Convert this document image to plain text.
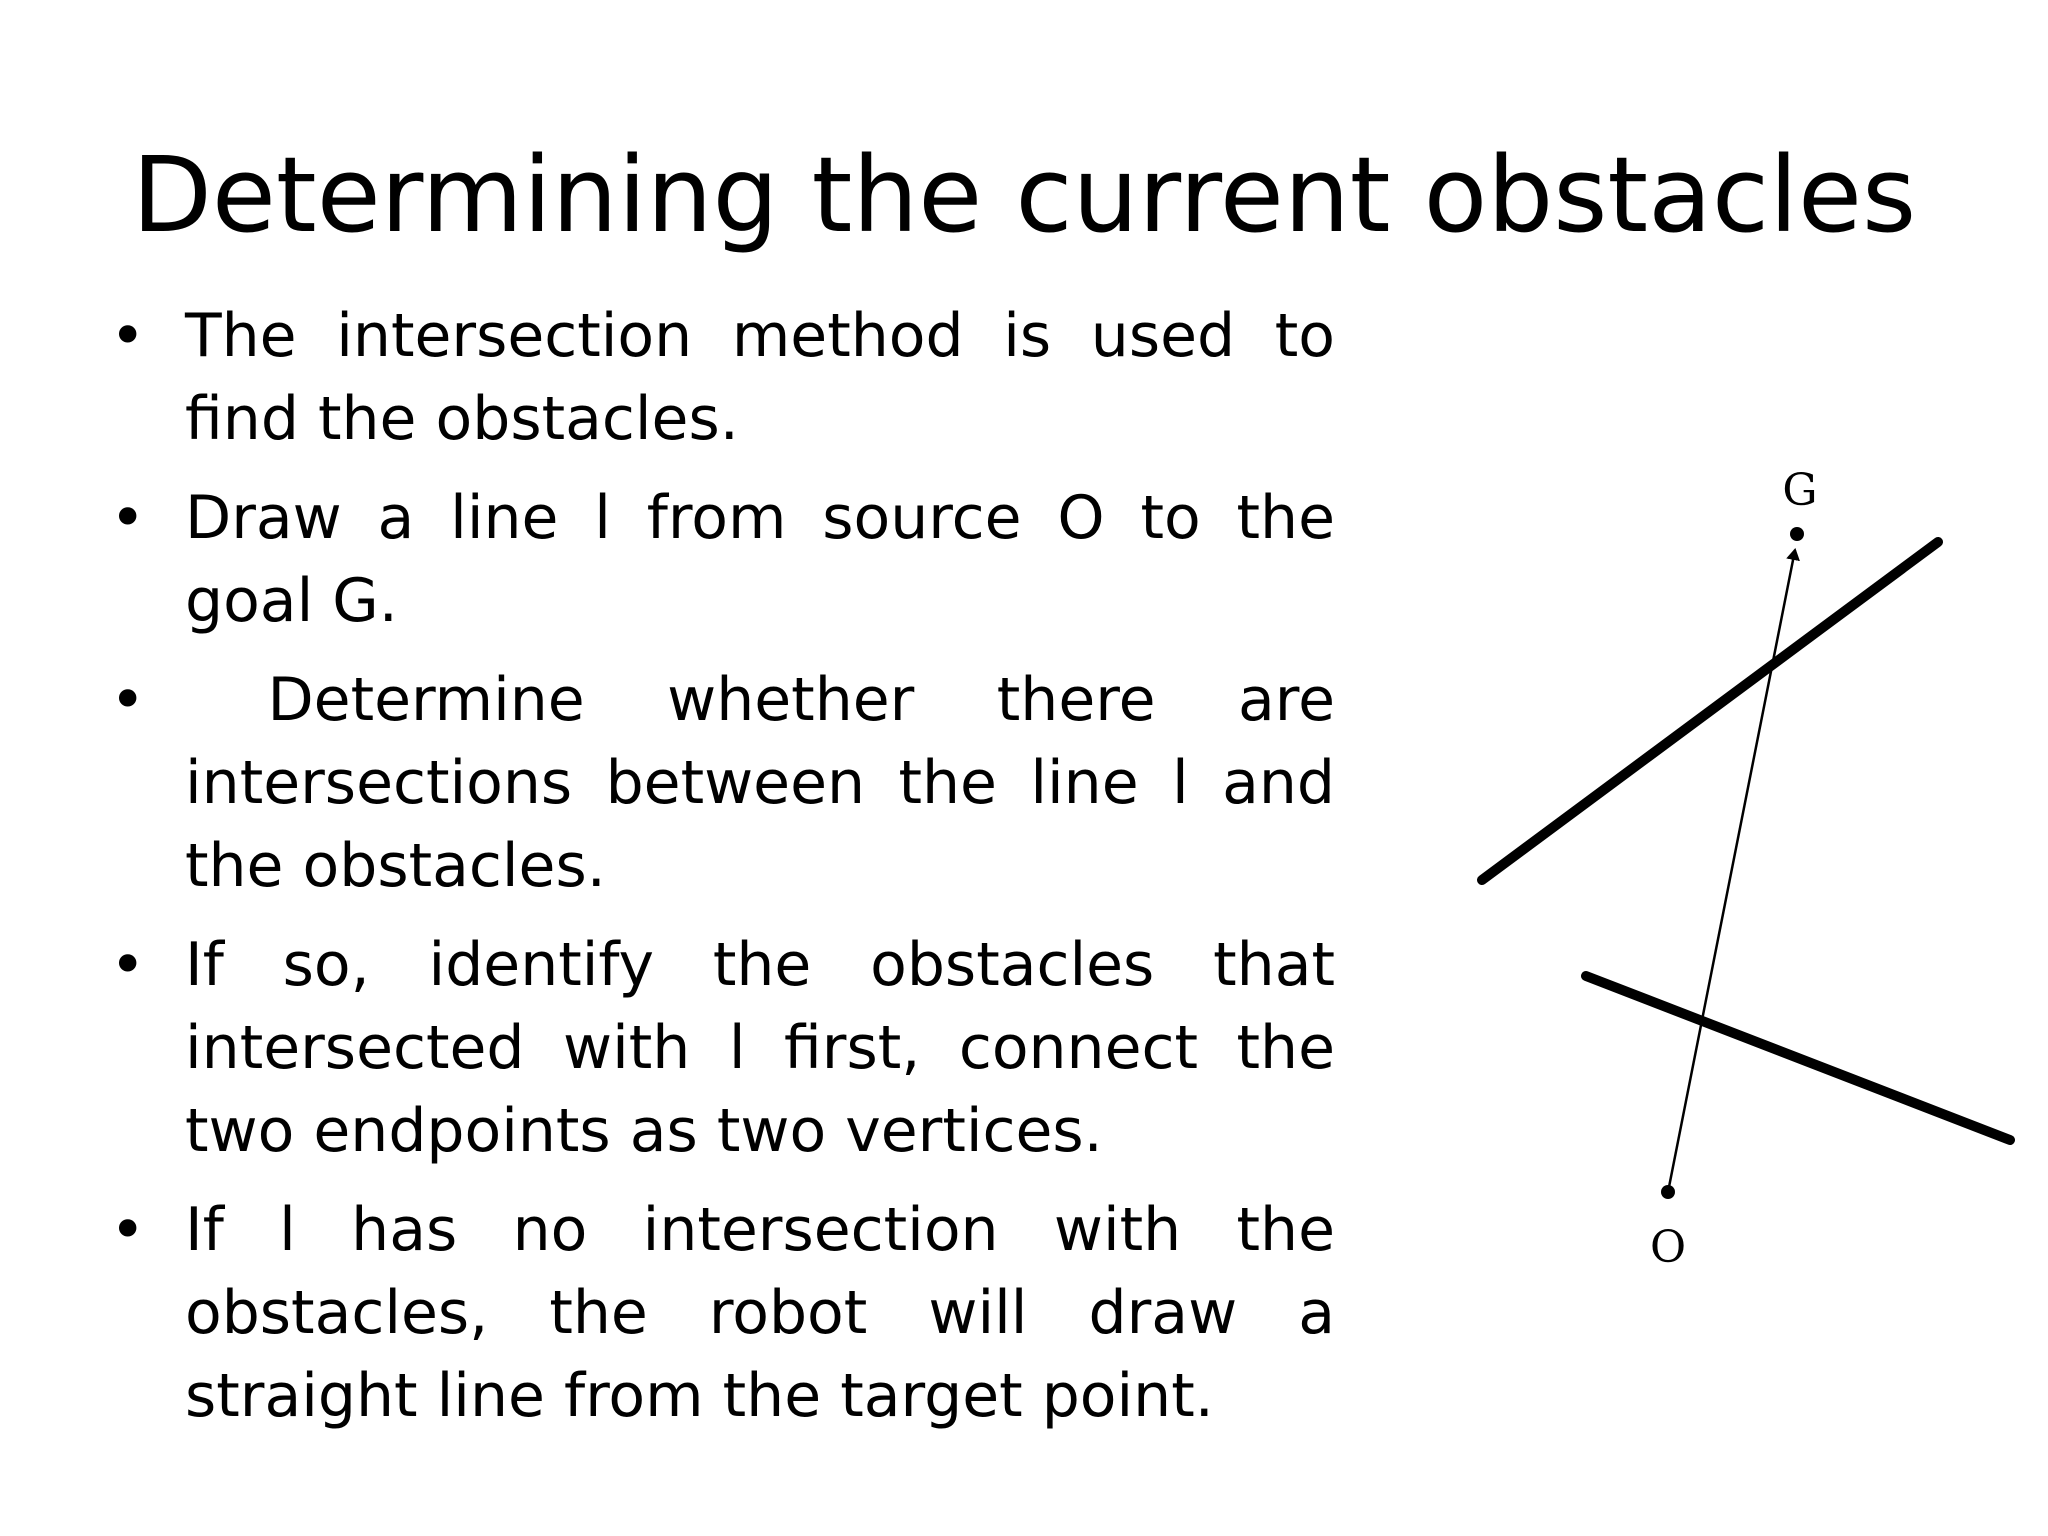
Determining the current obstacles
• The intersection method is used to find the obstacles.
• Draw a line l from source O to the goal G.
• Determine whether there are intersections between the line l and the obstacles.
• If so, identify the obstacles that intersected with l first, connect the two endpoints as two vertices.
• If l has no intersection with the obstacles, the robot will draw a straight line from the target point.
G
O
